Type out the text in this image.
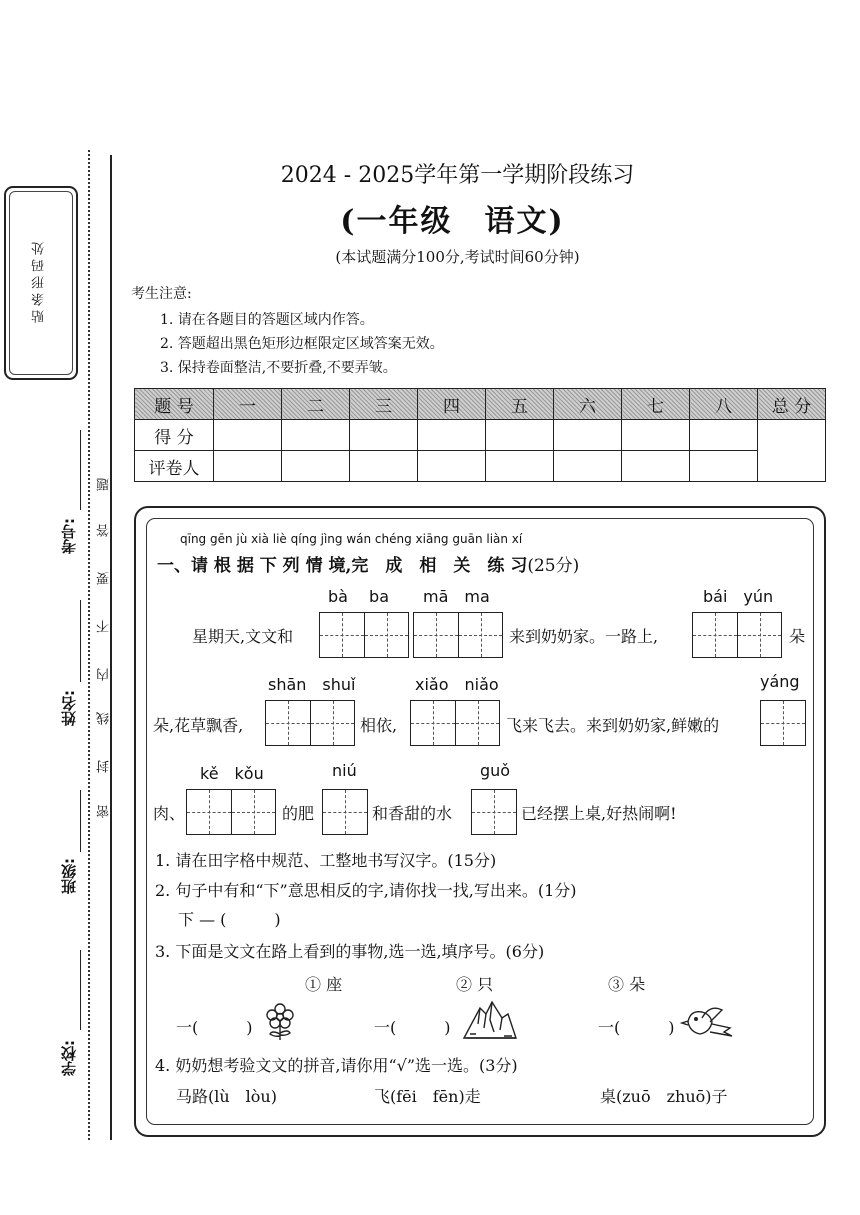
贴条形码处
学校:
班级:
姓名:
考号:
密
封
线
内
不
要
答
题
2024 - 2025学年第一学期阶段练习
(一年级　语文)
(本试题满分100分,考试时间60分钟)
考生注意:
1. 请在各题目的答题区域内作答。
2. 答题超出黑色矩形边框限定区域答案无效。
3. 保持卷面整洁,不要折叠,不要弄皱。
题 号	一	二	三	四	五	六	七	八	总 分
得 分									
评卷人									
qīng gēn jù xià liè qíng jìng wán chéng xiāng guān liàn xí
一、请 根 据 下 列 情 境,完　成　相　关　练 习(25分)
bà　 ba mā　ma	bái　yún
星期天,文文和	来到奶奶家。一路上,	朵
shān　shuǐ	xiǎo　niǎo	yáng
朵,花草飘香,	相依,	飞来飞去。来到奶奶家,鲜嫩的
kě　kǒu	niú	guǒ
肉、	的肥	和香甜的水	已经摆上桌,好热闹啊!
1. 请在田字格中规范、工整地书写汉字。(15分)
2. 句子中有和“下”意思相反的字,请你找一找,写出来。(1分)
下 — (　　　)
3. 下面是文文在路上看到的事物,选一选,填序号。(6分)
① 座	② 只	③ 朵
一(　　　)	一(　　　)	一(　　　)
4. 奶奶想考验文文的拼音,请你用“√”选一选。(3分)
马路(lù　lòu)	飞(fēi　fēn)走	桌(zuō　zhuō)子
